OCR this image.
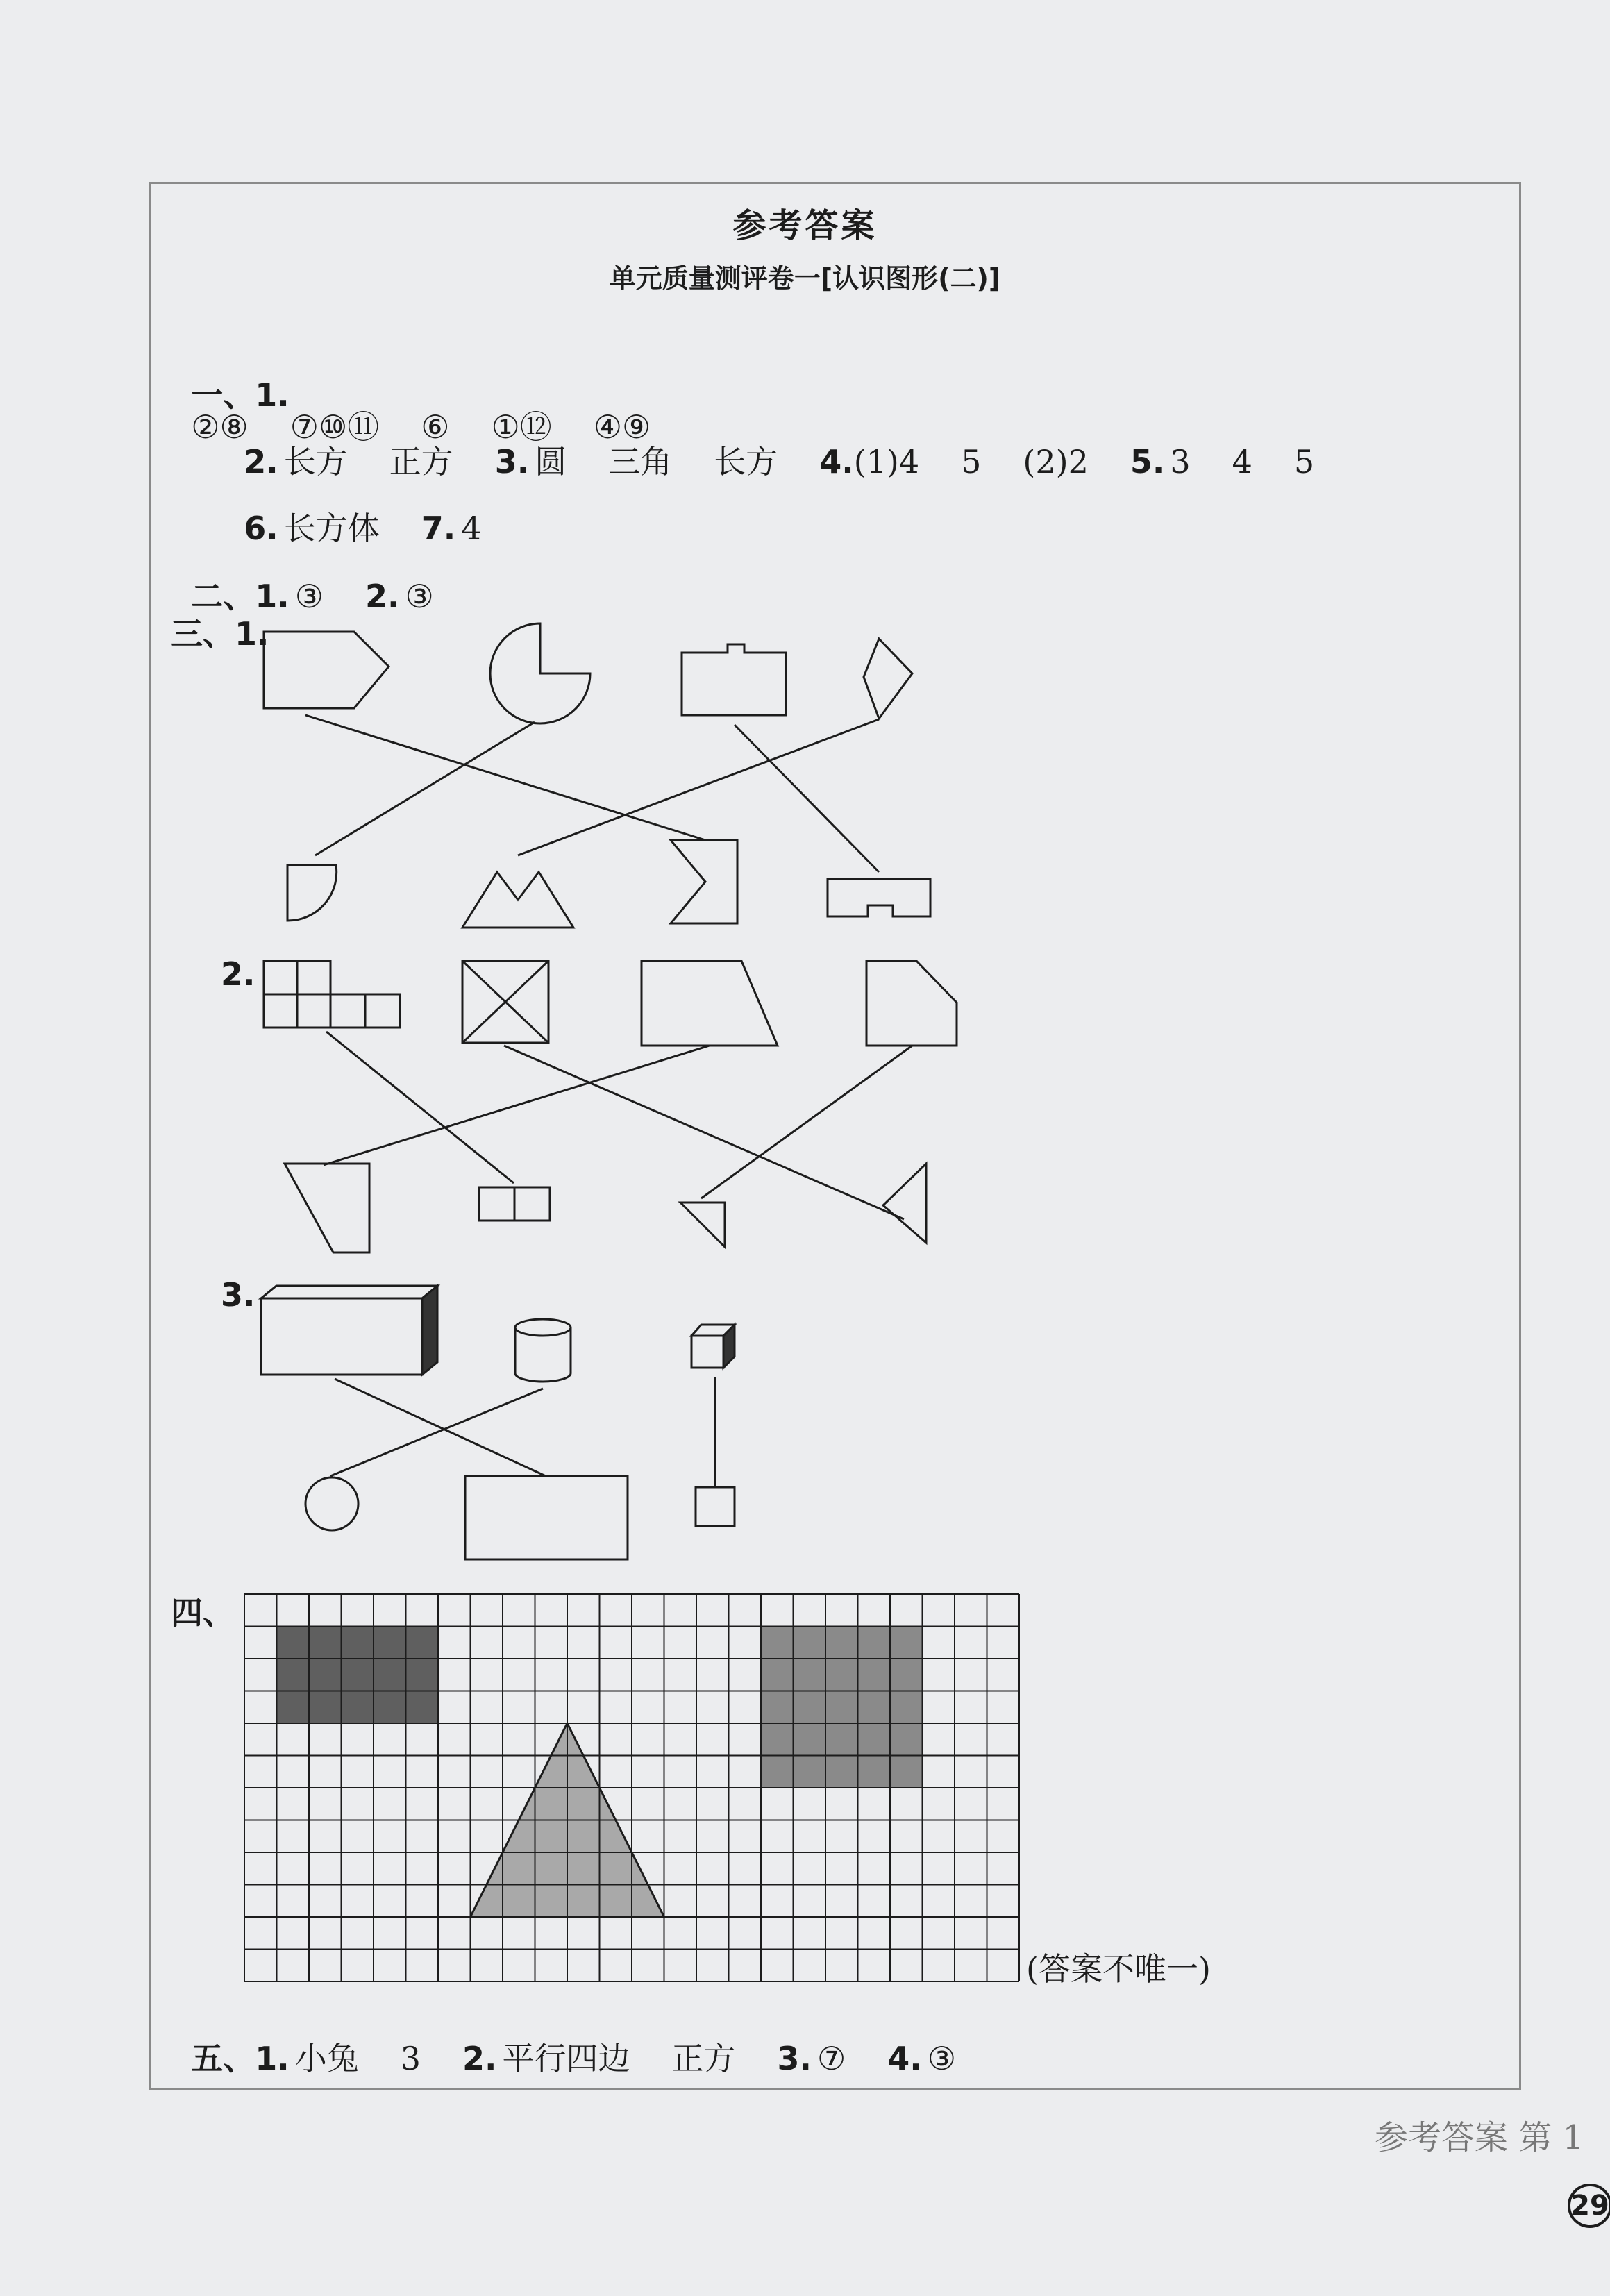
参考答案
单元质量测评卷一[认识图形(二)]

一、1.
②⑧ ⑦⑩⑪ ⑥ ①⑫ ④⑨

2. 长方 正方 3. 圆 三角 长方 4.(1)4 5 (2)2 5. 3 4 5

6. 长方体 7. 4

二、1. ③ 2. ③

三、1.
2.
3.
四、
(答案不唯一)

五、1. 小兔 3 2. 平行四边 正方 3. ⑦ 4. ③

参考答案 第 1
29
